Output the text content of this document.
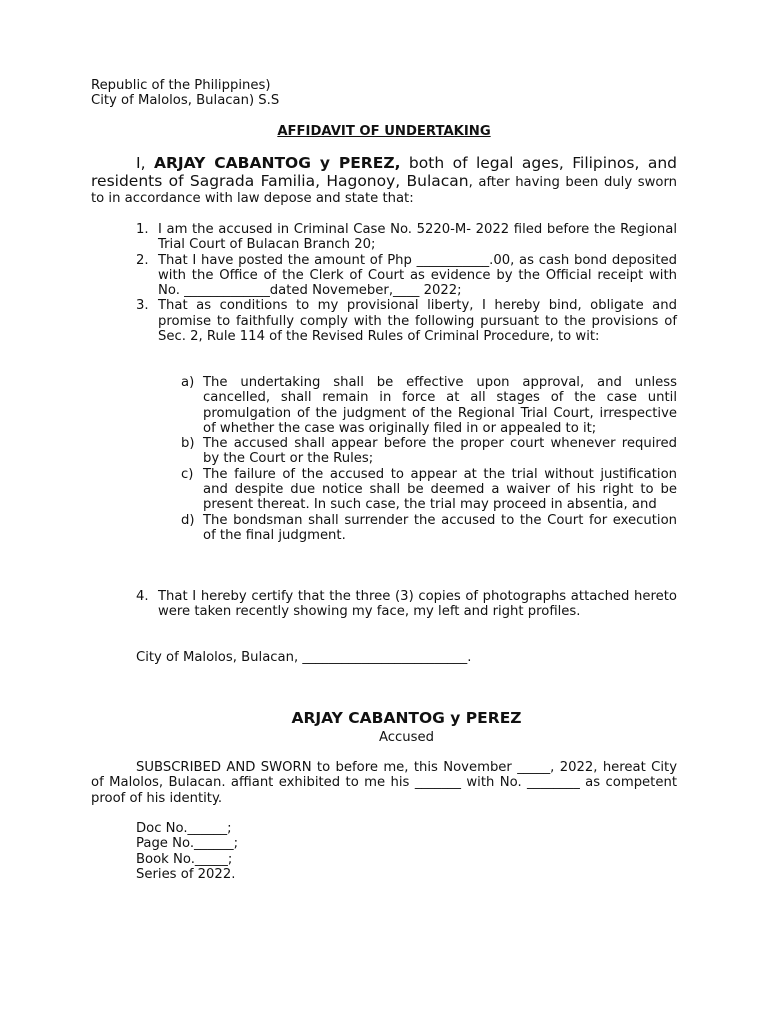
Republic of the Philippines)
City of Malolos, Bulacan) S.S
AFFIDAVIT OF UNDERTAKING
I, ARJAY CABANTOG y PEREZ, both of legal ages, Filipinos, and residents of Sagrada Familia, Hagonoy, Bulacan, after having been duly sworn to in accordance with law depose and state that:
1. I am the accused in Criminal Case No. 5220-M- 2022 filed before the Regional Trial Court of Bulacan Branch 20;
2. That I have posted the amount of Php ___________.00, as cash bond deposited with the Office of the Clerk of Court as evidence by the Official receipt with No. _____________dated Novemeber,____ 2022;
3. That as conditions to my provisional liberty, I hereby bind, obligate and promise to faithfully comply with the following pursuant to the provisions of Sec. 2, Rule 114 of the Revised Rules of Criminal Procedure, to wit:
a) The undertaking shall be effective upon approval, and unless cancelled, shall remain in force at all stages of the case until promulgation of the judgment of the Regional Trial Court, irrespective of whether the case was originally filed in or appealed to it;
b) The accused shall appear before the proper court whenever required by the Court or the Rules;
c) The failure of the accused to appear at the trial without justification and despite due notice shall be deemed a waiver of his right to be present thereat. In such case, the trial may proceed in absentia, and
d) The bondsman shall surrender the accused to the Court for execution of the final judgment.
4. That I hereby certify that the three (3) copies of photographs attached hereto were taken recently showing my face, my left and right profiles.
City of Malolos, Bulacan, _________________________.
ARJAY CABANTOG y PEREZ
Accused
SUBSCRIBED AND SWORN to before me, this November _____, 2022, hereat City of Malolos, Bulacan. affiant exhibited to me his _______ with No. ________ as competent proof of his identity.
Doc No.______;
Page No.______;
Book No._____;
Series of 2022.
